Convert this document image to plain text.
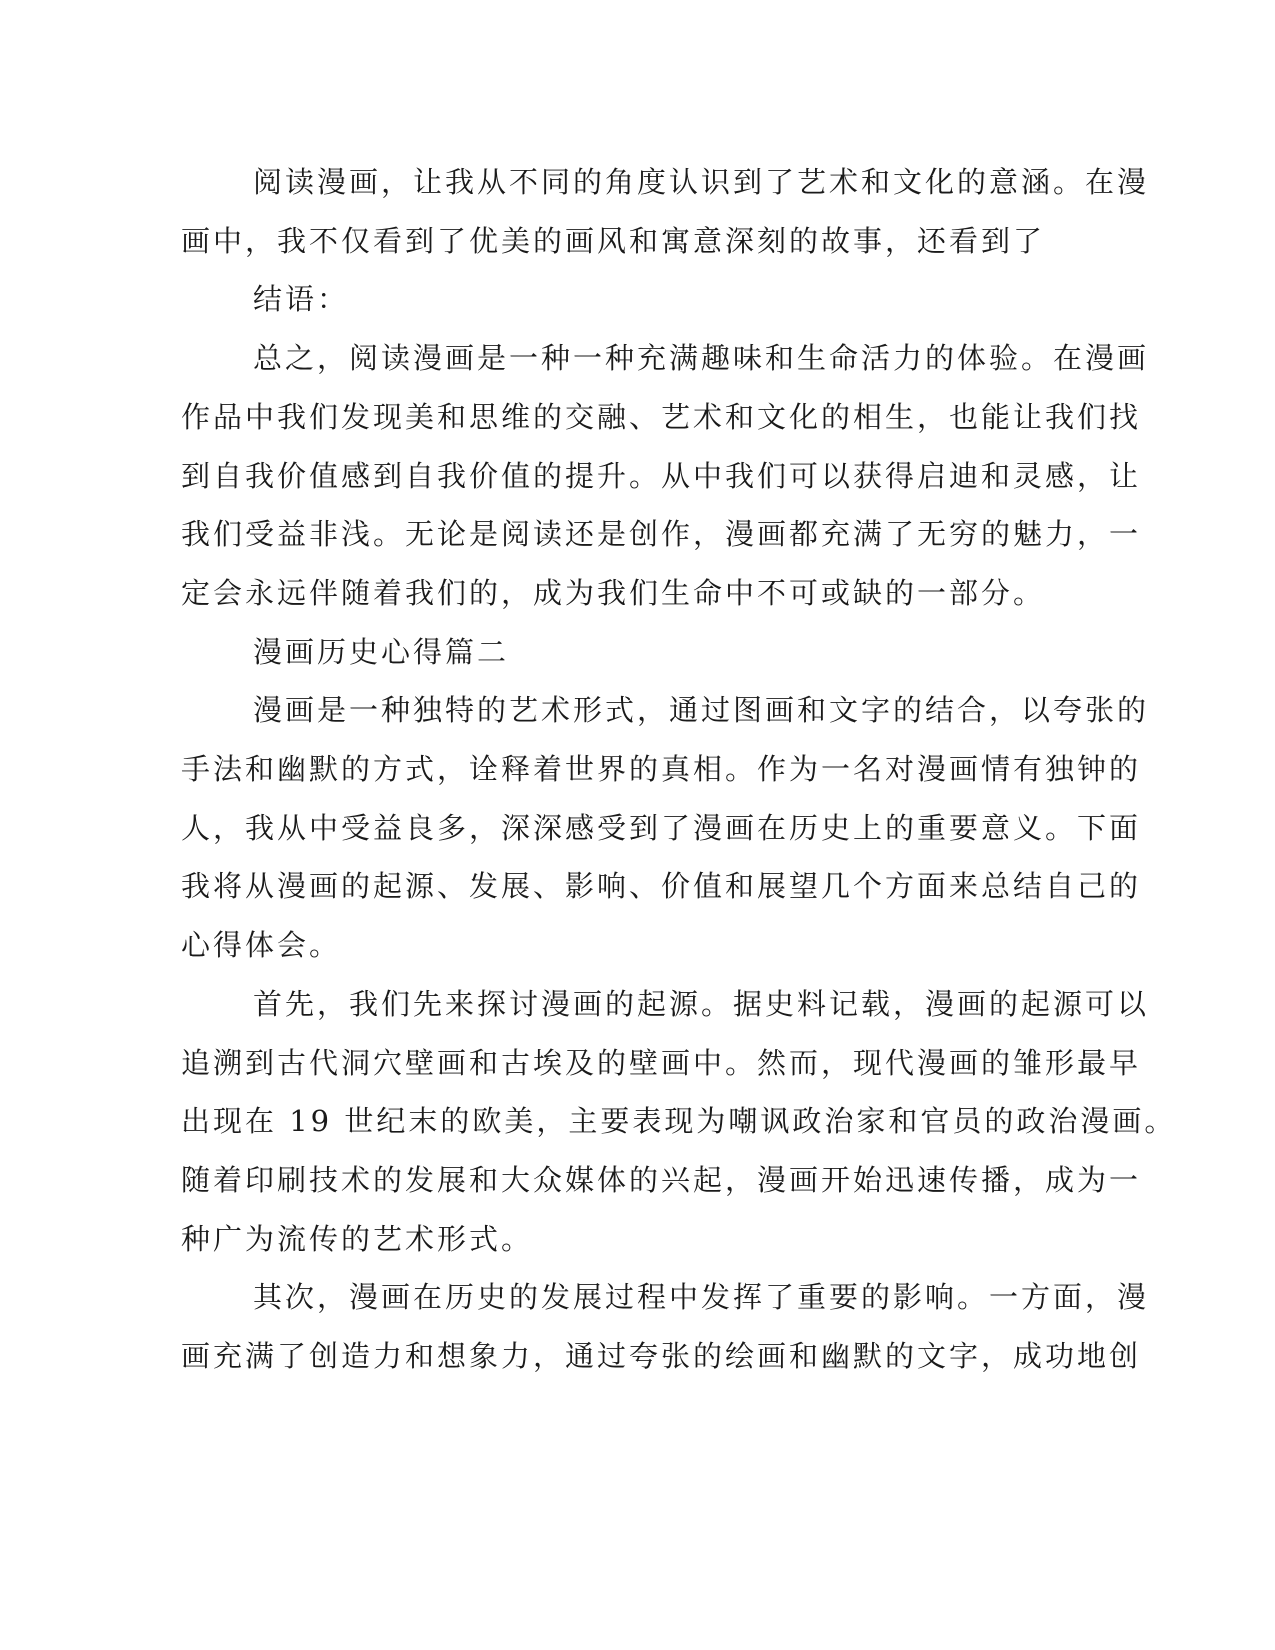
阅读漫画，让我从不同的角度认识到了艺术和文化的意涵。在漫
画中，我不仅看到了优美的画风和寓意深刻的故事，还看到了
结语：
总之，阅读漫画是一种一种充满趣味和生命活力的体验。在漫画
作品中我们发现美和思维的交融、艺术和文化的相生，也能让我们找
到自我价值感到自我价值的提升。从中我们可以获得启迪和灵感，让
我们受益非浅。无论是阅读还是创作，漫画都充满了无穷的魅力，一
定会永远伴随着我们的，成为我们生命中不可或缺的一部分。
漫画历史心得篇二
漫画是一种独特的艺术形式，通过图画和文字的结合，以夸张的
手法和幽默的方式，诠释着世界的真相。作为一名对漫画情有独钟的
人，我从中受益良多，深深感受到了漫画在历史上的重要意义。下面
我将从漫画的起源、发展、影响、价值和展望几个方面来总结自己的
心得体会。
首先，我们先来探讨漫画的起源。据史料记载，漫画的起源可以
追溯到古代洞穴壁画和古埃及的壁画中。然而，现代漫画的雏形最早
出现在 19 世纪末的欧美，主要表现为嘲讽政治家和官员的政治漫画。
随着印刷技术的发展和大众媒体的兴起，漫画开始迅速传播，成为一
种广为流传的艺术形式。
其次，漫画在历史的发展过程中发挥了重要的影响。一方面，漫
画充满了创造力和想象力，通过夸张的绘画和幽默的文字，成功地创
